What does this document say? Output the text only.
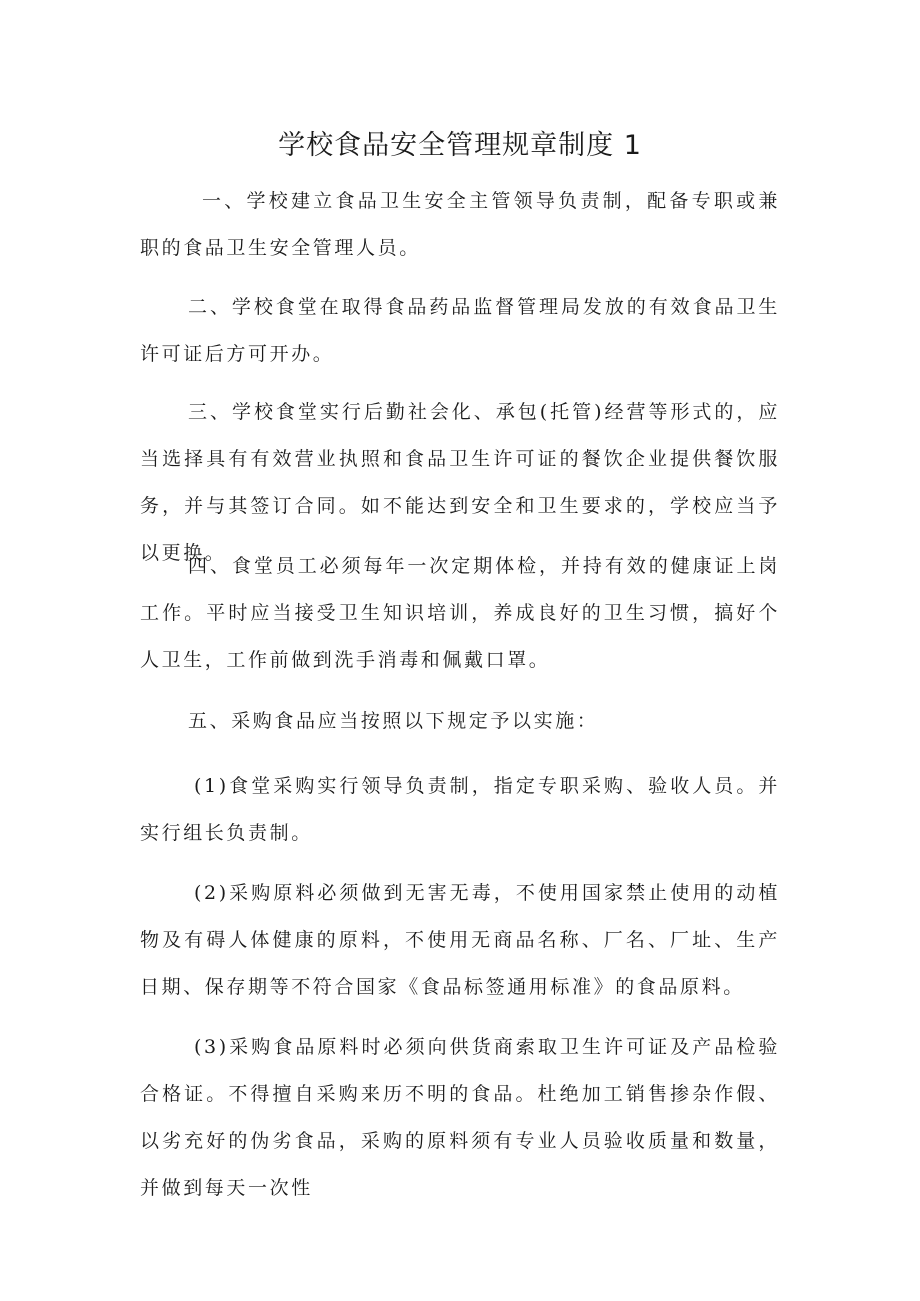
学校食品安全管理规章制度 1

一、学校建立食品卫生安全主管领导负责制，配备专职或兼职的食品卫生安全管理人员。

二、学校食堂在取得食品药品监督管理局发放的有效食品卫生许可证后方可开办。

三、学校食堂实行后勤社会化、承包(托管)经营等形式的，应当选择具有有效营业执照和食品卫生许可证的餐饮企业提供餐饮服务，并与其签订合同。如不能达到安全和卫生要求的，学校应当予以更换。

四、食堂员工必须每年一次定期体检，并持有效的健康证上岗工作。平时应当接受卫生知识培训，养成良好的卫生习惯，搞好个人卫生，工作前做到洗手消毒和佩戴口罩。

五、采购食品应当按照以下规定予以实施：

(1)食堂采购实行领导负责制，指定专职采购、验收人员。并实行组长负责制。

(2)采购原料必须做到无害无毒，不使用国家禁止使用的动植物及有碍人体健康的原料，不使用无商品名称、厂名、厂址、生产日期、保存期等不符合国家《食品标签通用标准》的食品原料。

(3)采购食品原料时必须向供货商索取卫生许可证及产品检验合格证。不得擅自采购来历不明的食品。杜绝加工销售掺杂作假、以劣充好的伪劣食品，采购的原料须有专业人员验收质量和数量，并做到每天一次性
